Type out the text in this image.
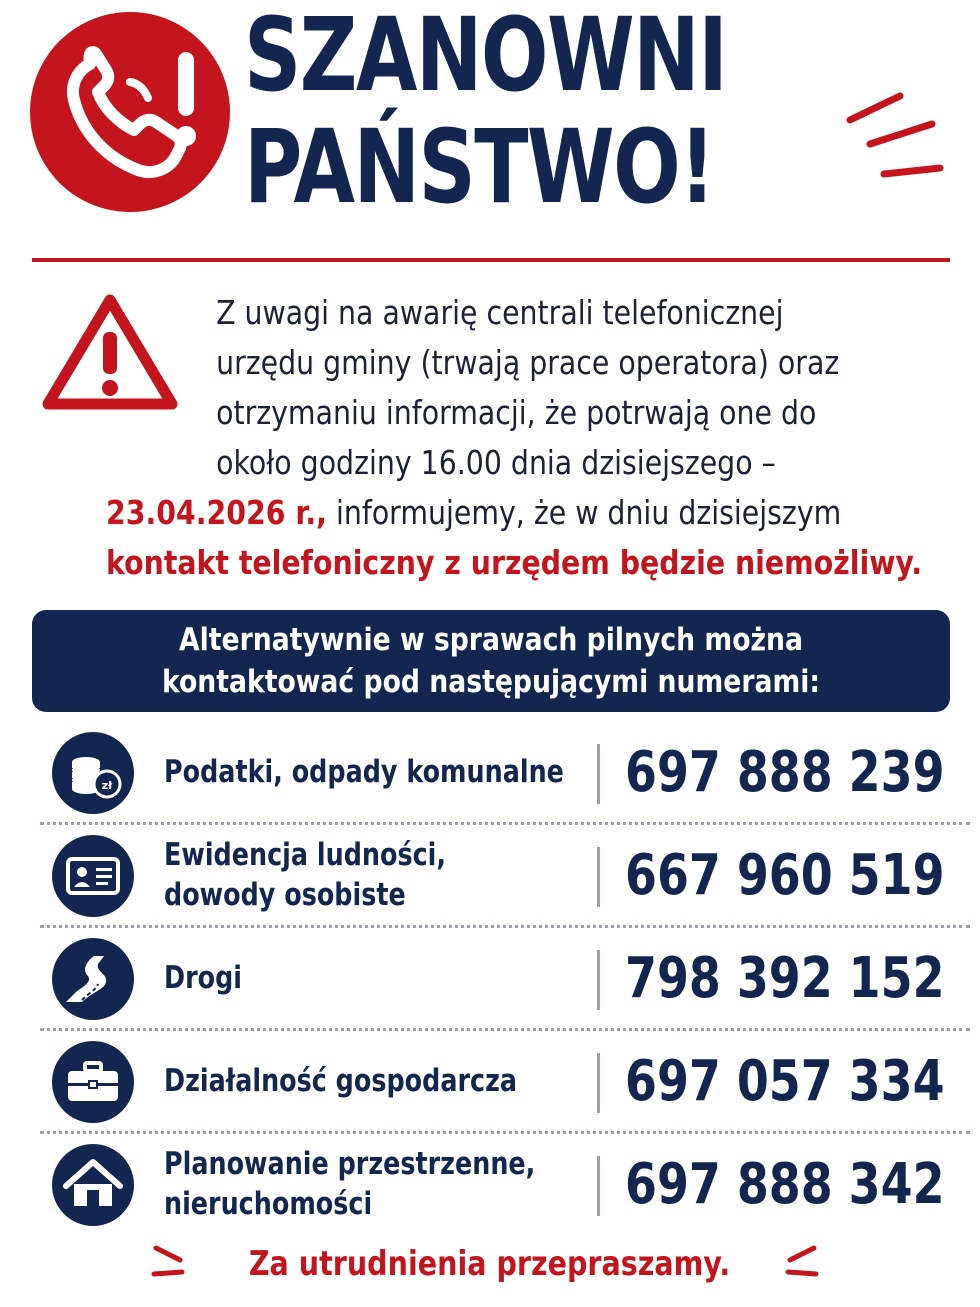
SZANOWNI
PAŃSTWO!
Z uwagi na awarię centrali telefonicznej
urzędu gminy (trwają prace operatora) oraz
otrzymaniu informacji, że potrwają one do
około godziny 16.00 dnia dzisiejszego –
23.04.2026 r., informujemy, że w dniu dzisiejszym
kontakt telefoniczny z urzędem będzie niemożliwy.
Alternatywnie w sprawach pilnych można
kontaktować pod następującymi numerami:
zł Podatki, odpady komunalne 697 888 239
Ewidencja ludności,
dowody osobiste	667 960 519
Drogi	798 392 152
Działalność gospodarcza 697 057 334
Planowanie przestrzenne,
nieruchomości	697 888 342
Za utrudnienia przepraszamy.
